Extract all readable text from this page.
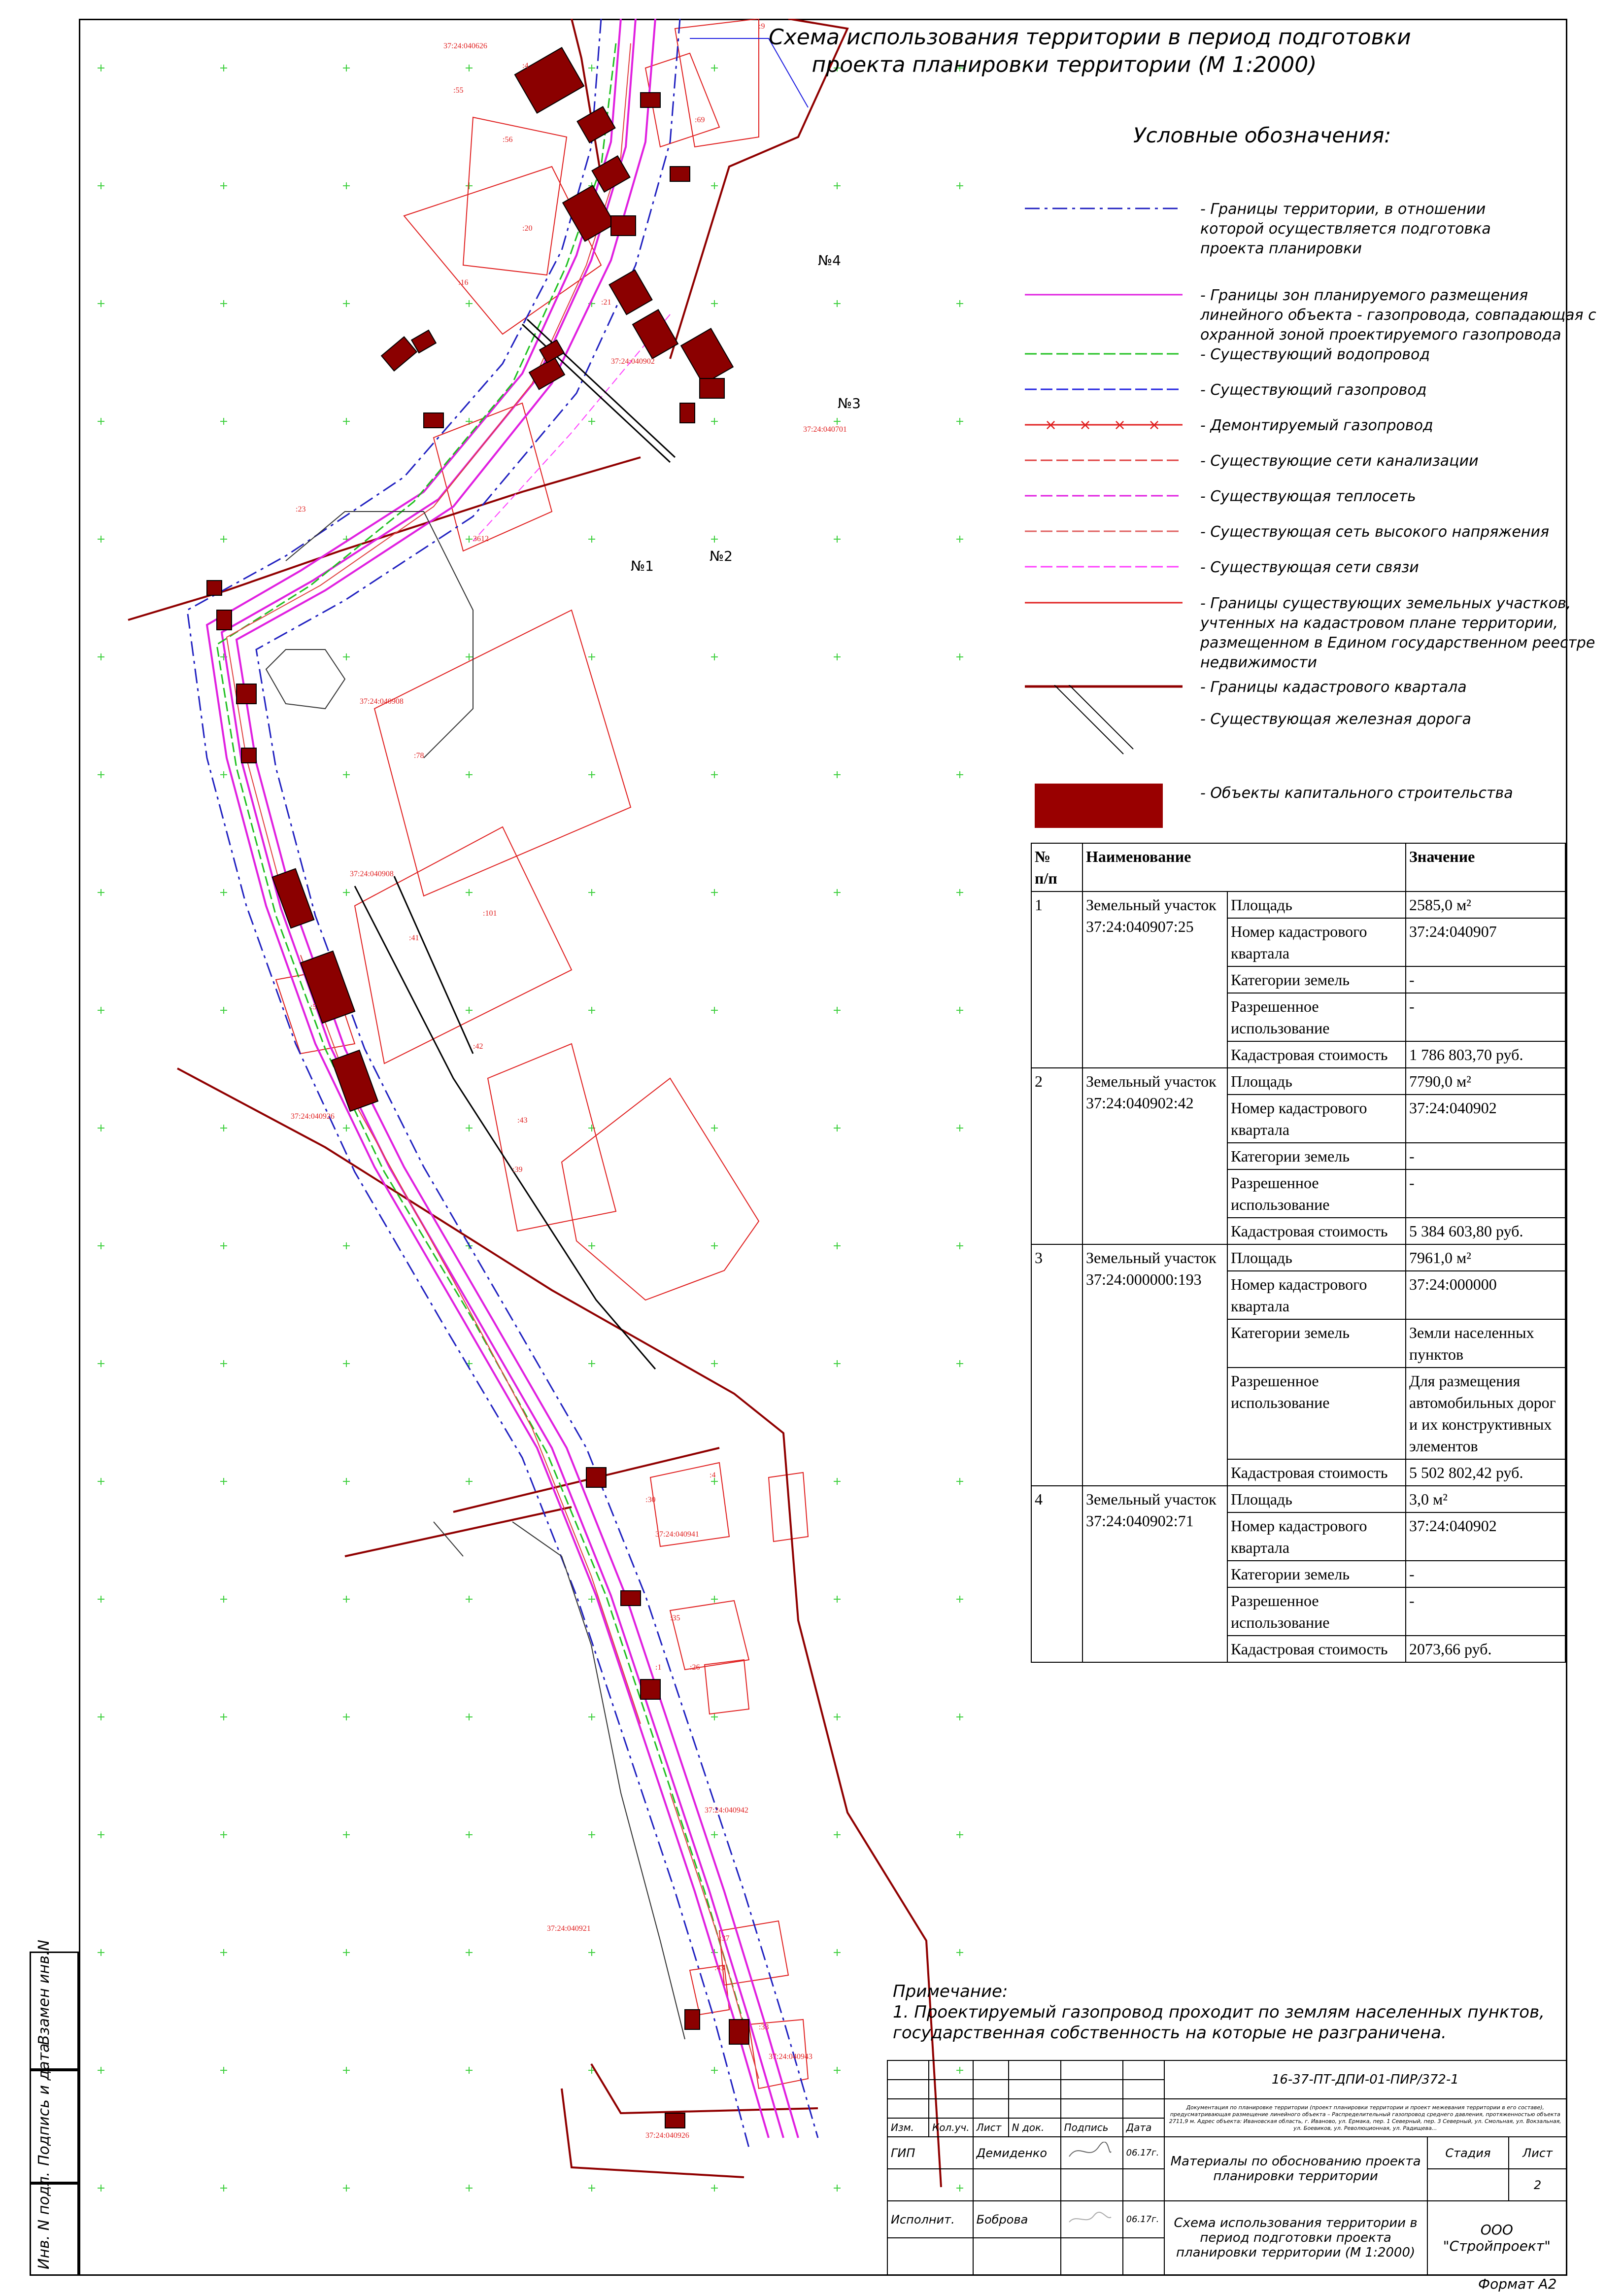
Взамен инв.N
Подпись и дата
Инв. N подл.
37:24:040626
37:24:040701
37:24:040908
37:24:040908
37:24:040926
37:24:040941
37:24:040942
37:24:040921
37:24:040943
37:24:040926
37:24:040902
:4
:55
:56
:69
:20
:16
:21
:23
:78
:41
:101
:5
:42
:43
:39
:30
:35
:26
:37
:43
:33
:9
:1
:4
3612
№1
№2
№3
№4
Схема использования территории в период подготовки
проекта планировки территории (М 1:2000)
Условные обозначения:
- Границы территории, в отношении
которой осуществляется подготовка
проекта планировки
- Границы зон планируемого размещения
линейного объекта - газопровода, совпадающая с
охранной зоной проектируемого газопровода
- Существующий водопровод
- Существующий газопровод
× × × ×	- Демонтируемый газопровод
- Существующие сети канализации
- Существующая теплосеть
- Существующая сеть высокого напряжения
- Существующая сети связи
- Границы существующих земельных участков,
учтенных на кадастровом плане территории,
размещенном в Едином государственном реестре
недвижимости
- Границы кадастрового квартала
- Существующая железная дорога
- Объекты капитального строительства
№
п/п	Наименование		Значение
1	Земельный участок 37:24:040907:25	Площадь	2585,0 м²
		Номер кадастрового квартала	37:24:040907
		Категории земель	-
		Разрешенное использование	-
		Кадастровая стоимость	1 786 803,70 руб.
2	Земельный участок 37:24:040902:42	Площадь	7790,0 м²
		Номер кадастрового квартала	37:24:040902
		Категории земель	-
		Разрешенное использование	-
		Кадастровая стоимость	5 384 603,80 руб.
3	Земельный участок 37:24:000000:193	Площадь	7961,0 м²
		Номер кадастрового квартала	37:24:000000
		Категории земель	Земли населенных пунктов
		Разрешенное использование	Для размещения автомобильных дорог и их конструктивных элементов
		Кадастровая стоимость	5 502 802,42 руб.
4	Земельный участок 37:24:040902:71	Площадь	3,0 м²
		Номер кадастрового квартала	37:24:040902
		Категории земель	-
		Разрешенное использование	-
		Кадастровая стоимость	2073,66 руб.
Примечание:
1. Проектируемый газопровод проходит по землям населенных пунктов, государственная собственность на которые не разграничена.
						16-37-ПТ-ДПИ-01-ПИР/372-1		

						Документация по планировке территории (проект планировки территории и проект межевания территории в его составе), предусматривающая размещение линейного объекта – Распределительный газопровод среднего давления, протяженностью объекта 2711,9 м. Адрес объекта: Ивановская область, г. Иваново, ул. Ермака, пер. 1 Северный, пер. 3 Северный, ул. Смольная, ул. Вокзальная, ул. Боевиков, ул. Революционная, ул. Радищева...		
Изм.	Кол.уч.	Лист	N док.	Подпись	Дата			
ГИП		Демиденко			06.17г.	Материалы по обоснованию проекта планировки территории	Стадия	Лист
								2
Исполнит.		Боброва			06.17г.	Схема использования территории в период подготовки проекта планировки территории (М 1:2000)	ООО "Стройпроект"	

Формат А2
